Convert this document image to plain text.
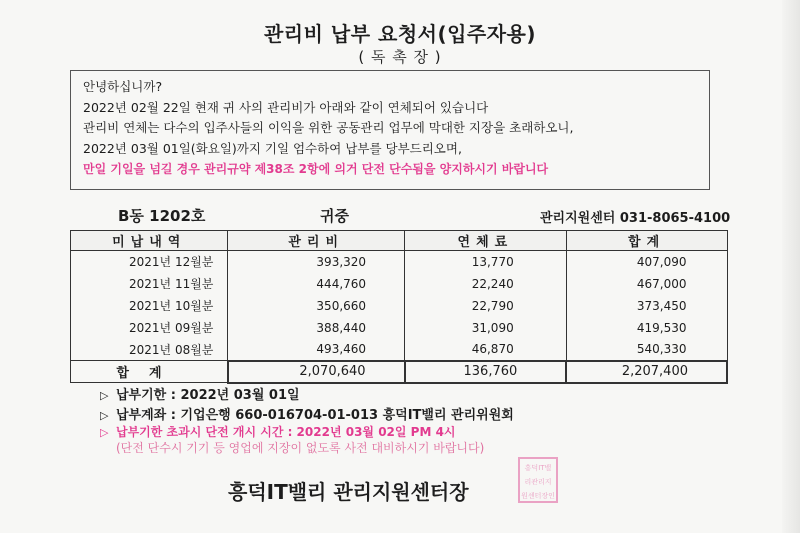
관리비 납부 요청서(입주자용)
( 독 촉 장 )
안녕하십니까?
2022년 02월 22일 현재 귀 사의 관리비가 아래와 같이 연체되어 있습니다
관리비 연체는 다수의 입주사들의 이익을 위한 공동관리 업무에 막대한 지장을 초래하오니,
2022년 03월 01일(화요일)까지 기일 엄수하여 납부를 당부드리오며,
만일 기일을 넘길 경우 관리규약 제38조 2항에 의거 단전 단수됨을 양지하시기 바랍니다
B동 1202호	귀중	관리지원센터 031-8065-4100
미납내역	관리비	연체료	합계
2021년 12월분	393,320	13,770	407,090
2021년 11월분	444,760	22,240	467,000
2021년 10월분	350,660	22,790	373,450
2021년 09월분	388,440	31,090	419,530
2021년 08월분	493,460	46,870	540,330
합계	2,070,640	136,760	2,207,400
▷ 납부기한 : 2022년 03월 01일
▷ 납부계좌 : 기업은행 660-016704-01-013 흥덕IT밸리 관리위원회
▷ 납부기한 초과시 단전 개시 시간 : 2022년 03월 02일 PM 4시
(단전 단수시 기기 등 영업에 지장이 없도록 사전 대비하시기 바랍니다)
흥덕IT밸리 관리지원센터장
흥덕IT밸
리관리지
원센터장인
